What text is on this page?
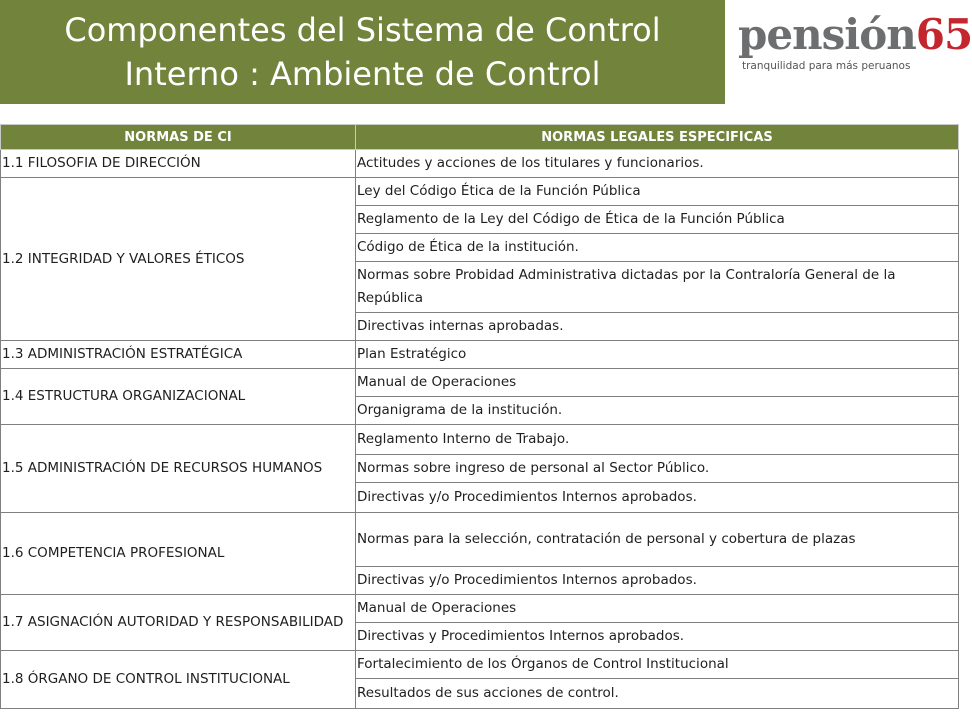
Componentes del Sistema de Control
Interno : Ambiente de Control
pensión65
tranquilidad para más peruanos
NORMAS DE CI	NORMAS LEGALES ESPECIFICAS
1.1 FILOSOFIA DE DIRECCIÓN	Actitudes y acciones de los titulares y funcionarios.
1.2 INTEGRIDAD Y VALORES ÉTICOS	Ley del Código Ética de la Función Pública
	Reglamento de la Ley del Código de Ética de la Función Pública
	Código de Ética de la institución.
	Normas sobre Probidad Administrativa dictadas por la Contraloría General de la República
	Directivas internas aprobadas.
1.3 ADMINISTRACIÓN ESTRATÉGICA	Plan Estratégico
1.4 ESTRUCTURA ORGANIZACIONAL	Manual de Operaciones
	Organigrama de la institución.
1.5 ADMINISTRACIÓN DE RECURSOS HUMANOS	Reglamento Interno de Trabajo.
	Normas sobre ingreso de personal al Sector Público.
	Directivas y/o Procedimientos Internos aprobados.
1.6 COMPETENCIA PROFESIONAL	Normas para la selección, contratación de personal y cobertura de plazas
	Directivas y/o Procedimientos Internos aprobados.
1.7 ASIGNACIÓN AUTORIDAD Y RESPONSABILIDAD	Manual de Operaciones
	Directivas y Procedimientos Internos aprobados.
1.8 ÓRGANO DE CONTROL INSTITUCIONAL	Fortalecimiento de los Órganos de Control Institucional
	Resultados de sus acciones de control.
